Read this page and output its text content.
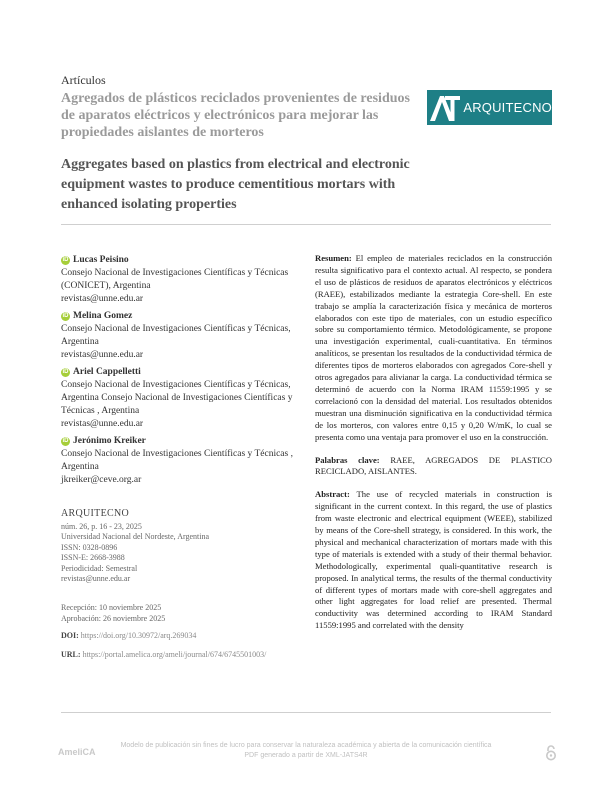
Artículos
Agregados de plásticos reciclados provenientes de residuos de aparatos eléctricos y electrónicos para mejorar las propiedades aislantes de morteros
ARQUITECNO
Aggregates based on plastics from electrical and electronic equipment wastes to produce cementitious mortars with enhanced isolating properties
iD Lucas Peisino
Consejo Nacional de Investigaciones Científicas y Técnicas (CONICET), Argentina
revistas@unne.edu.ar
iD Melina Gomez
Consejo Nacional de Investigaciones Científicas y Técnicas, Argentina
revistas@unne.edu.ar
iD Ariel Cappelletti
Consejo Nacional de Investigaciones Científicas y Técnicas, Argentina Consejo Nacional de Investigaciones Científicas y Técnicas , Argentina
revistas@unne.edu.ar
iD Jerónimo Kreiker
Consejo Nacional de Investigaciones Científicas y Técnicas , Argentina
jkreiker@ceve.org.ar
ARQUITECNO
núm. 26, p. 16 - 23, 2025
Universidad Nacional del Nordeste, Argentina
ISSN: 0328-0896
ISSN-E: 2668-3988
Periodicidad: Semestral
revistas@unne.edu.ar
Recepción: 10 noviembre 2025
Aprobación: 26 noviembre 2025
DOI: https://doi.org/10.30972/arq.269034
URL: https://portal.amelica.org/ameli/journal/674/6745501003/

Resumen: El empleo de materiales reciclados en la construcción resulta significativo para el contexto actual. Al respecto, se pondera el uso de plásticos de residuos de aparatos electrónicos y eléctricos (RAEE), estabilizados mediante la estrategia Core-shell. En este trabajo se amplía la caracterización física y mecánica de morteros elaborados con este tipo de materiales, con un estudio específico sobre su comportamiento térmico. Metodológicamente, se propone una investigación experimental, cuali-cuantitativa. En términos analíticos, se presentan los resultados de la conductividad térmica de diferentes tipos de morteros elaborados con agregados Core-shell y otros agregados para alivianar la carga. La conductividad térmica se determinó de acuerdo con la Norma IRAM 11559:1995 y se correlacionó con la densidad del material. Los resultados obtenidos muestran una disminución significativa en la conductividad térmica de los morteros, con valores entre 0,15 y 0,20 W/mK, lo cual se presenta como una ventaja para promover el uso en la construcción.

Palabras clave: RAEE, AGREGADOS DE PLASTICO RECICLADO, AISLANTES.

Abstract: The use of recycled materials in construction is significant in the current context. In this regard, the use of plastics from waste electronic and electrical equipment (WEEE), stabilized by means of the Core-shell strategy, is considered. In this work, the physical and mechanical characterization of mortars made with this type of materials is extended with a study of their thermal behavior. Methodologically, experimental quali-quantitative research is proposed. In analytical terms, the results of the thermal conductivity of different types of mortars made with core-shell aggregates and other light aggregates for load relief are presented. Thermal conductivity was determined according to IRAM Standard 11559:1995 and correlated with the density

AmeliCA
Modelo de publicación sin fines de lucro para conservar la naturaleza académica y abierta de la comunicación científica
PDF generado a partir de XML-JATS4R
